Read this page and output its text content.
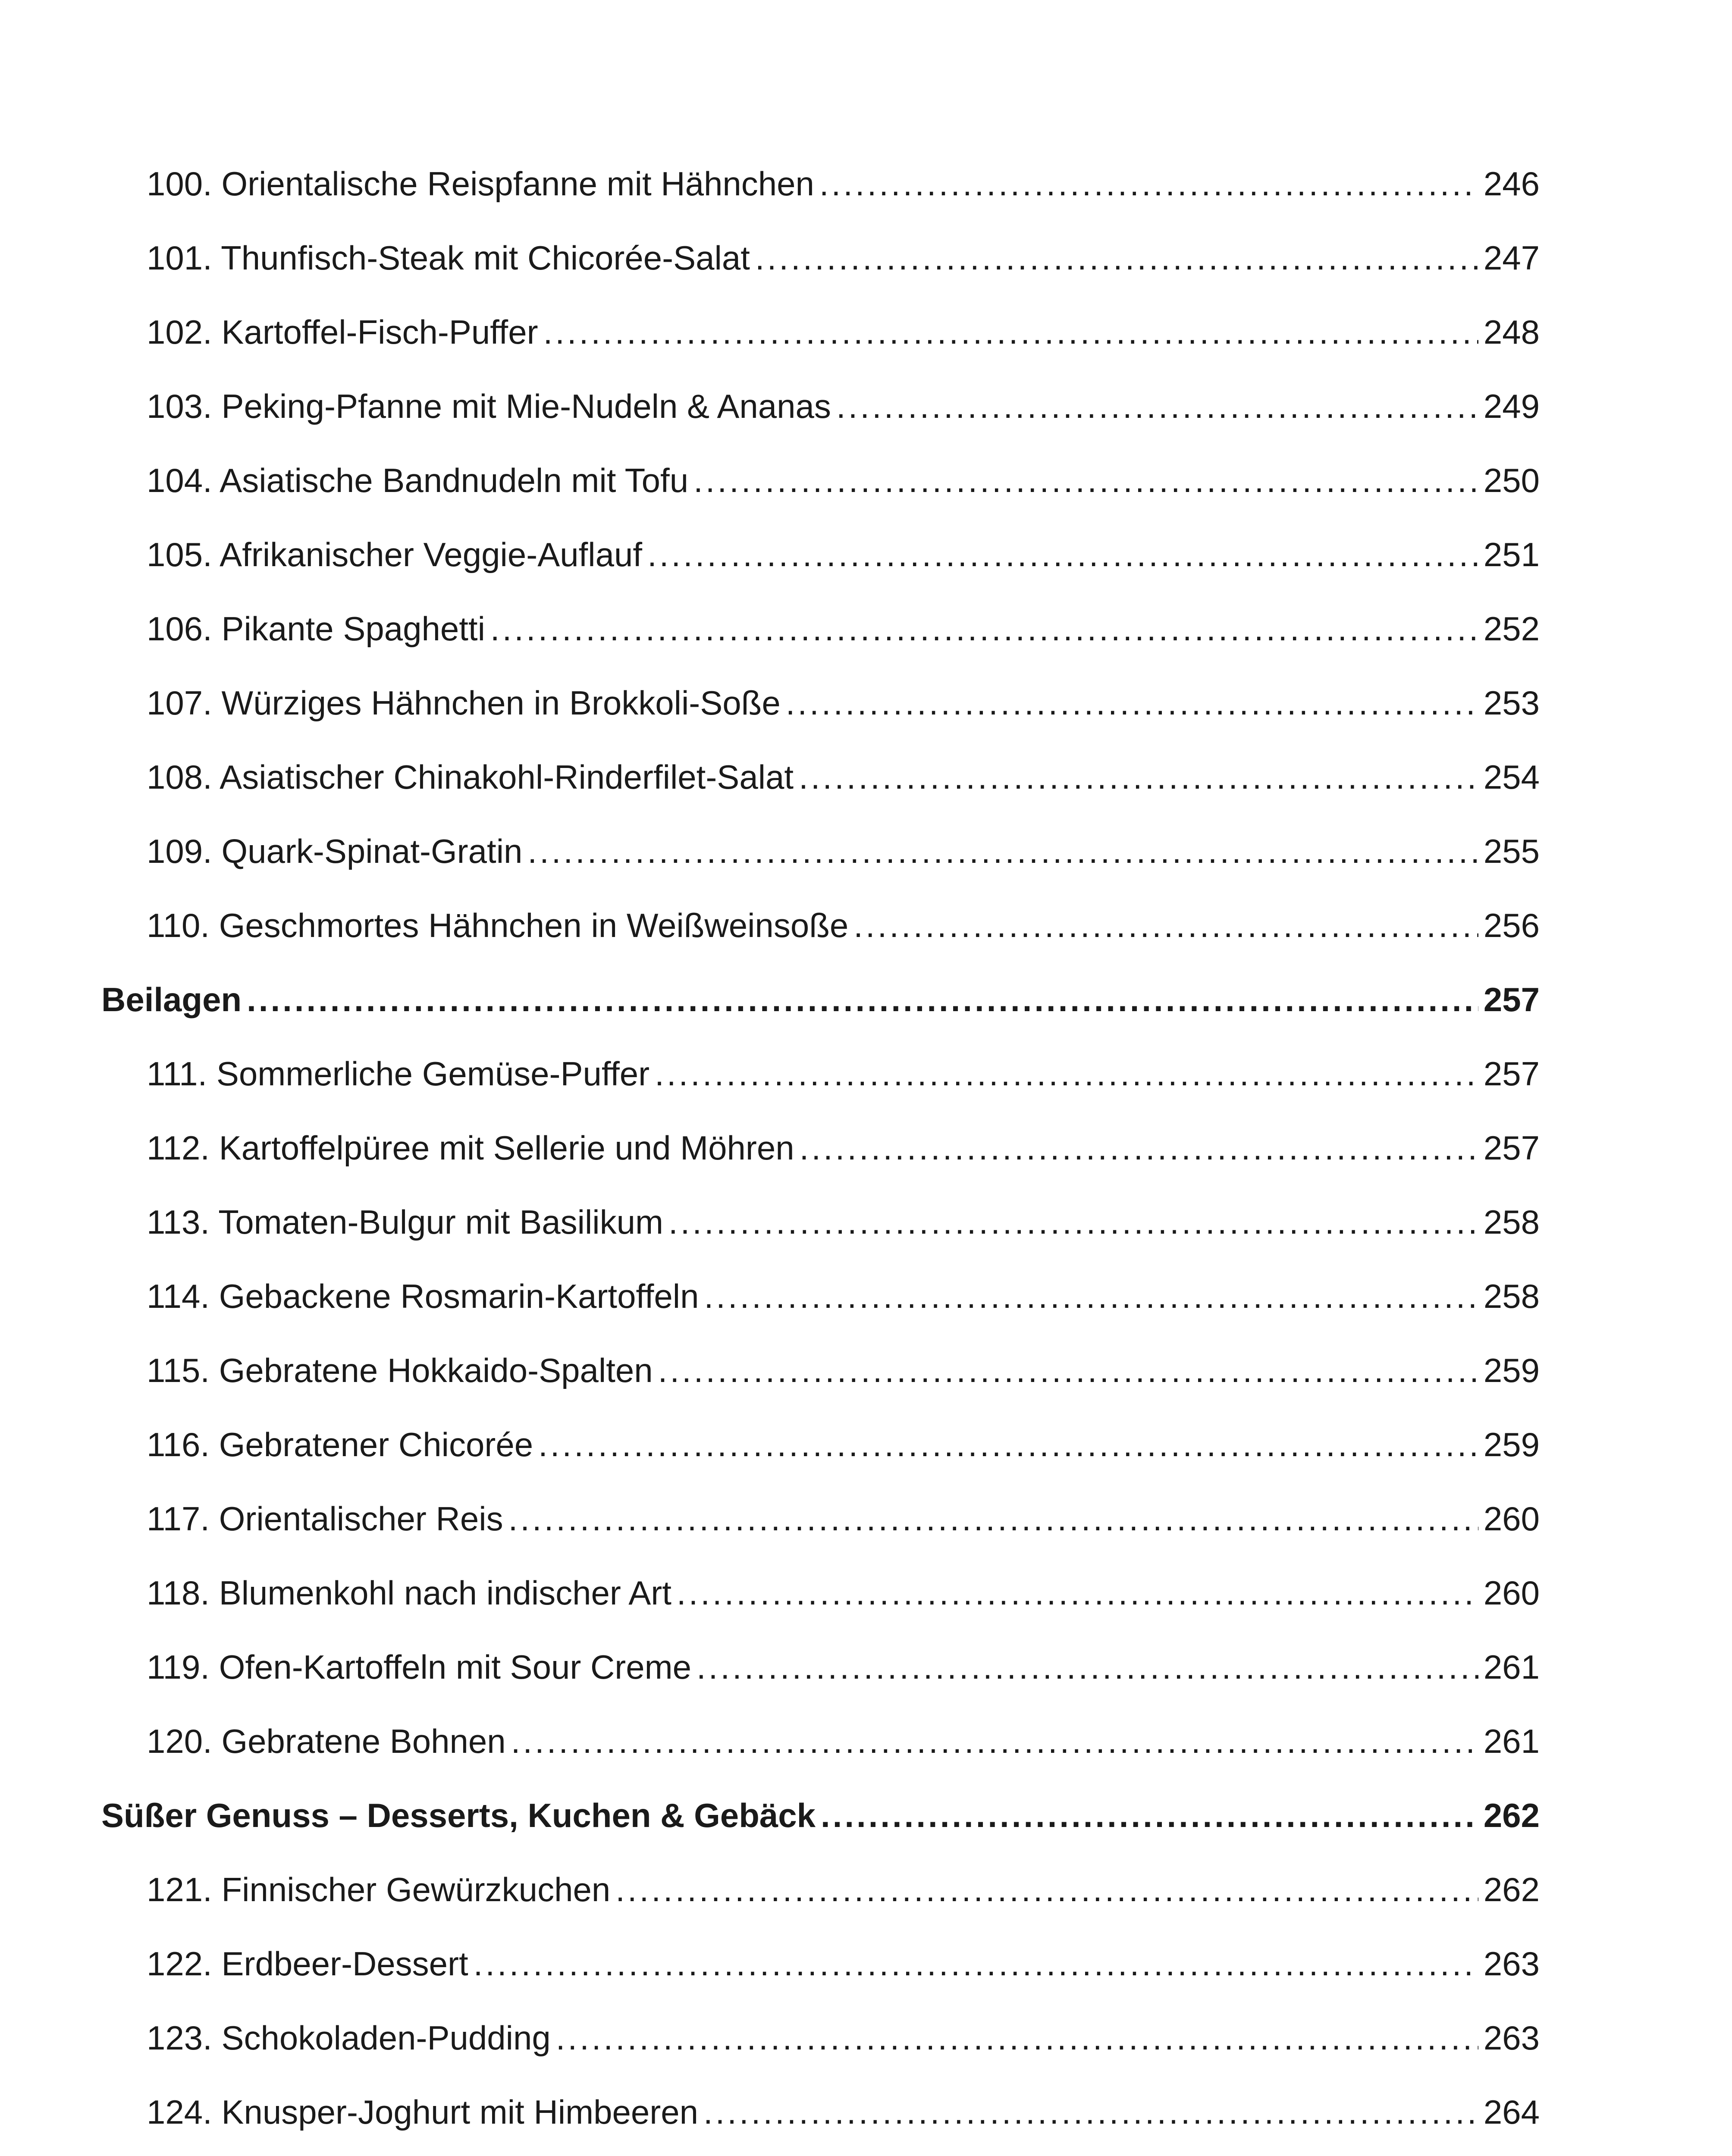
100. Orientalische Reispfanne mit Hähnchen .....	246
101. Thunfisch-Steak mit Chicorée-Salat .....	247
102. Kartoffel-Fisch-Puffer .....	248
103. Peking-Pfanne mit Mie-Nudeln & Ananas .....	249
104. Asiatische Bandnudeln mit Tofu .....	250
105. Afrikanischer Veggie-Auflauf .....	251
106. Pikante Spaghetti .....	252
107. Würziges Hähnchen in Brokkoli-Soße .....	253
108. Asiatischer Chinakohl-Rinderfilet-Salat .....	254
109. Quark-Spinat-Gratin .....	255
110. Geschmortes Hähnchen in Weißweinsoße .....	256
Beilagen .....	257
111. Sommerliche Gemüse-Puffer .....	257
112. Kartoffelpüree mit Sellerie und Möhren .....	257
113. Tomaten-Bulgur mit Basilikum .....	258
114. Gebackene Rosmarin-Kartoffeln .....	258
115. Gebratene Hokkaido-Spalten .....	259
116. Gebratener Chicorée .....	259
117. Orientalischer Reis .....	260
118. Blumenkohl nach indischer Art .....	260
119. Ofen-Kartoffeln mit Sour Creme .....	261
120. Gebratene Bohnen .....	261
Süßer Genuss – Desserts, Kuchen & Gebäck .....	262
121. Finnischer Gewürzkuchen .....	262
122. Erdbeer-Dessert .....	263
123. Schokoladen-Pudding .....	263
124. Knusper-Joghurt mit Himbeeren .....	264
